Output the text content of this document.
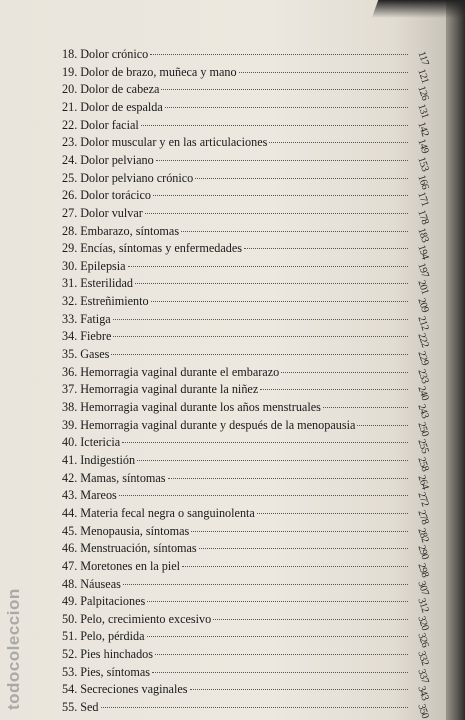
18. Dolor crónico	117
19. Dolor de brazo, muñeca y mano	121
20. Dolor de cabeza	126
21. Dolor de espalda	131
22. Dolor facial	142
23. Dolor muscular y en las articulaciones	149
24. Dolor pelviano	153
25. Dolor pelviano crónico	166
26. Dolor torácico	171
27. Dolor vulvar	178
28. Embarazo, síntomas	183
29. Encías, síntomas y enfermedades	194
30. Epilepsia	197
31. Esterilidad	201
32. Estreñimiento	209
33. Fatiga	212
34. Fiebre	222
35. Gases	229
36. Hemorragia vaginal durante el embarazo	233
37. Hemorragia vaginal durante la niñez	240
38. Hemorragia vaginal durante los años menstruales	243
39. Hemorragia vaginal durante y después de la menopausia	250
40. Ictericia	255
41. Indigestión	258
42. Mamas, síntomas	264
43. Mareos	272
44. Materia fecal negra o sanguinolenta	278
45. Menopausia, síntomas	282
46. Menstruación, síntomas	290
47. Moretones en la piel	298
48. Náuseas	307
49. Palpitaciones	312
50. Pelo, crecimiento excesivo	320
51. Pelo, pérdida	326
52. Pies hinchados	332
53. Pies, síntomas	337
54. Secreciones vaginales	343
55. Sed	350
todocoleccion
